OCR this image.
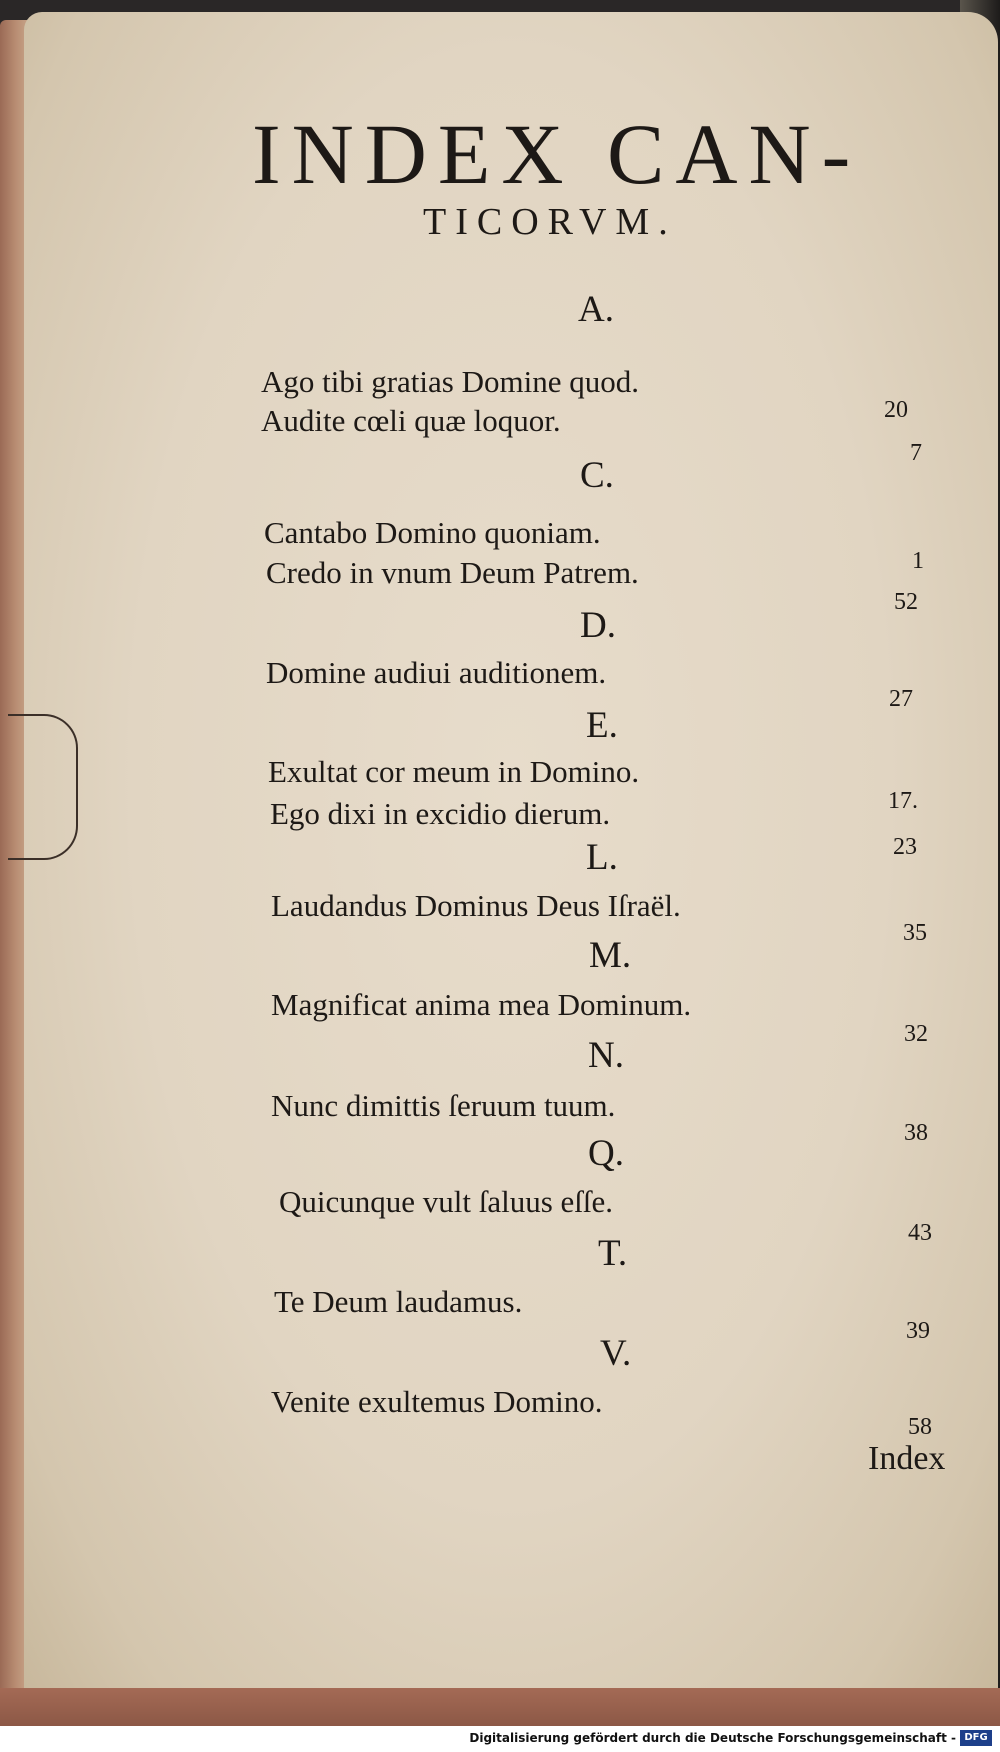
INDEX CAN-
TICORVM.
A.
Ago tibi gratias Domine quod.
20
Audite cœli quæ loquor.
7
C.
Cantabo Domino quoniam.
1
Credo in vnum Deum Patrem.
52
D.
Domine audiui auditionem.
27
E.
Exultat cor meum in Domino.
17.
Ego dixi in excidio dierum.
23
L.
Laudandus Dominus Deus Iſraël.
35
M.
Magnificat anima mea Dominum.
32
N.
Nunc dimittis ſeruum tuum.
38
Q.
Quicunque vult ſaluus eſſe.
43
T.
Te Deum laudamus.
39
V.
Venite exultemus Domino.
58
Index
Digitalisierung gefördert durch die Deutsche Forschungsgemeinschaft - DFG
